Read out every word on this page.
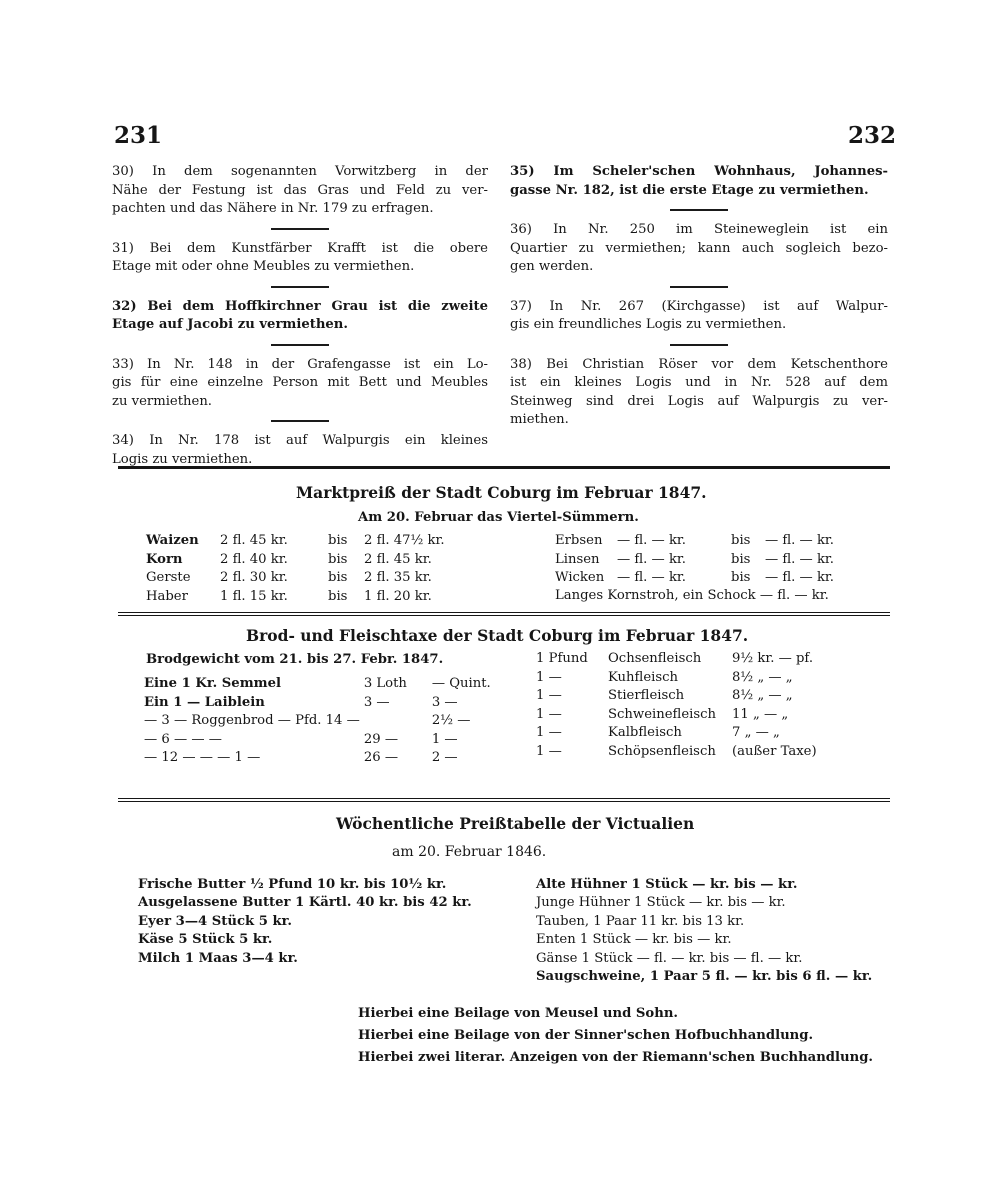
231	232
30) In dem sogenannten Vorwitzberg in der
Nähe der Festung ist das Gras und Feld zu ver-
pachten und das Nähere in Nr. 179 zu erfragen.
31) Bei dem Kunstfärber Krafft ist die obere
Etage mit oder ohne Meubles zu vermiethen.
32) Bei dem Hoffkirchner Grau ist die zweite
Etage auf Jacobi zu vermiethen.
33) In Nr. 148 in der Grafengasse ist ein Lo-
gis für eine einzelne Person mit Bett und Meubles
zu vermiethen.
34) In Nr. 178 ist auf Walpurgis ein kleines
Logis zu vermiethen.
35) Im Scheler'schen Wohnhaus, Johannes-
gasse Nr. 182, ist die erste Etage zu vermiethen.
36) In Nr. 250 im Steineweglein ist ein
Quartier zu vermiethen; kann auch sogleich bezo-
gen werden.
37) In Nr. 267 (Kirchgasse) ist auf Walpur-
gis ein freundliches Logis zu vermiethen.
38) Bei Christian Röser vor dem Ketschenthore
ist ein kleines Logis und in Nr. 528 auf dem
Steinweg sind drei Logis auf Walpurgis zu ver-
miethen.
Marktpreiß der Stadt Coburg im Februar 1847.
Am 20. Februar das Viertel-Sümmern.
Waizen	2 fl. 45 kr.	bis	2 fl. 47½ kr.
Korn	2 fl. 40 kr.	bis	2 fl. 45 kr.
Gerste	2 fl. 30 kr.	bis	2 fl. 35 kr.
Haber	1 fl. 15 kr.	bis	1 fl. 20 kr.
Erbsen	— fl. — kr.	bis	— fl. — kr.
Linsen	— fl. — kr.	bis	— fl. — kr.
Wicken	— fl. — kr.	bis	— fl. — kr.
Langes Kornstroh, ein Schock — fl. — kr.
Brod- und Fleischtaxe der Stadt Coburg im Februar 1847.
Brodgewicht vom 21. bis 27. Febr. 1847.
Eine 1 Kr. Semmel	3 Loth	— Quint.
Ein 1 — Laiblein	3 —	3 —
— 3 — Roggenbrod — Pfd. 14 —		2½ —
— 6 — — —	29 —	1 —
— 12 — — — 1 —	26 —	2 —
1 Pfund	Ochsenfleisch	9½ kr. — pf.
1 —	Kuhfleisch	8½ „ — „
1 —	Stierfleisch	8½ „ — „
1 —	Schweinefleisch	11 „ — „
1 —	Kalbfleisch	7 „ — „
1 —	Schöpsenfleisch	(außer Taxe)
Wöchentliche Preißtabelle der Victualien
am 20. Februar 1846.
Frische Butter ½ Pfund 10 kr. bis 10½ kr.
Ausgelassene Butter 1 Kärtl. 40 kr. bis 42 kr.
Eyer 3—4 Stück 5 kr.
Käse 5 Stück 5 kr.
Milch 1 Maas 3—4 kr.
Alte Hühner 1 Stück — kr. bis — kr.
Junge Hühner 1 Stück — kr. bis — kr.
Tauben, 1 Paar 11 kr. bis 13 kr.
Enten 1 Stück — kr. bis — kr.
Gänse 1 Stück — fl. — kr. bis — fl. — kr.
Saugschweine, 1 Paar 5 fl. — kr. bis 6 fl. — kr.
Hierbei eine Beilage von Meusel und Sohn.
Hierbei eine Beilage von der Sinner'schen Hofbuchhandlung.
Hierbei zwei literar. Anzeigen von der Riemann'schen Buchhandlung.
